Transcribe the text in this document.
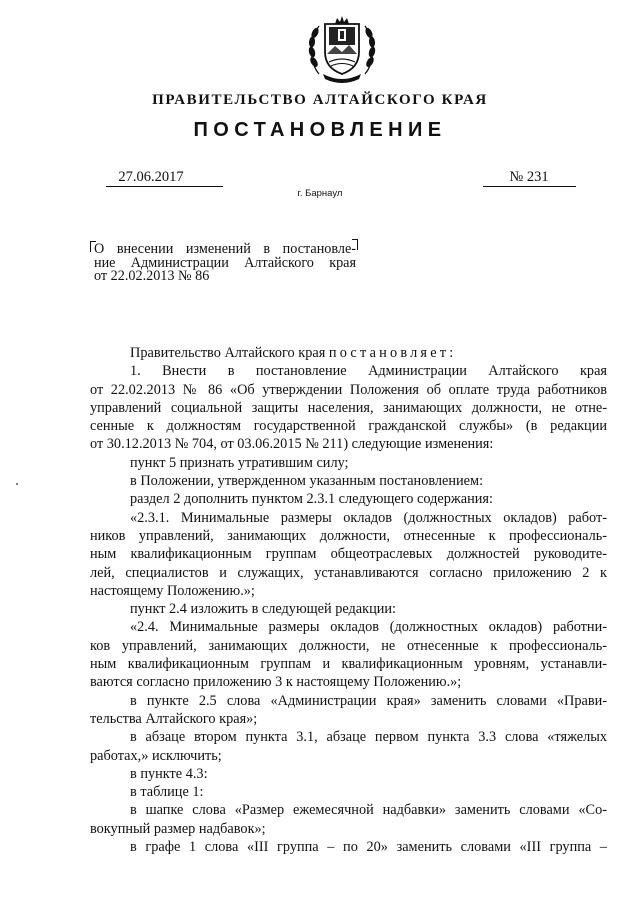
ПРАВИТЕЛЬСТВО АЛТАЙСКОГО КРАЯ
ПОСТАНОВЛЕНИЕ
27.06.2017	№ 231
г. Барнаул
О внесении изменений в постановле-
ние Администрации Алтайского края
от 22.02.2013 № 86
Правительство Алтайского края постановляет:
1. Внести в постановление Администрации Алтайского края
от 22.02.2013 № 86 «Об утверждении Положения об оплате труда работников
управлений социальной защиты населения, занимающих должности, не отне-
сенные к должностям государственной гражданской службы» (в редакции
от 30.12.2013 № 704, от 03.06.2015 № 211) следующие изменения:
пункт 5 признать утратившим силу;
в Положении, утвержденном указанным постановлением:
раздел 2 дополнить пунктом 2.3.1 следующего содержания:
«2.3.1. Минимальные размеры окладов (должностных окладов) работ-
ников управлений, занимающих должности, отнесенные к профессиональ-
ным квалификационным группам общеотраслевых должностей руководите-
лей, специалистов и служащих, устанавливаются согласно приложению 2 к
настоящему Положению.»;
пункт 2.4 изложить в следующей редакции:
«2.4. Минимальные размеры окладов (должностных окладов) работни-
ков управлений, занимающих должности, не отнесенные к профессиональ-
ным квалификационным группам и квалификационным уровням, устанавли-
ваются согласно приложению 3 к настоящему Положению.»;
в пункте 2.5 слова «Администрации края» заменить словами «Прави-
тельства Алтайского края»;
в абзаце втором пункта 3.1, абзаце первом пункта 3.3 слова «тяжелых
работах,» исключить;
в пункте 4.3:
в таблице 1:
в шапке слова «Размер ежемесячной надбавки» заменить словами «Со-
вокупный размер надбавок»;
в графе 1 слова «III группа – по 20» заменить словами «III группа –
